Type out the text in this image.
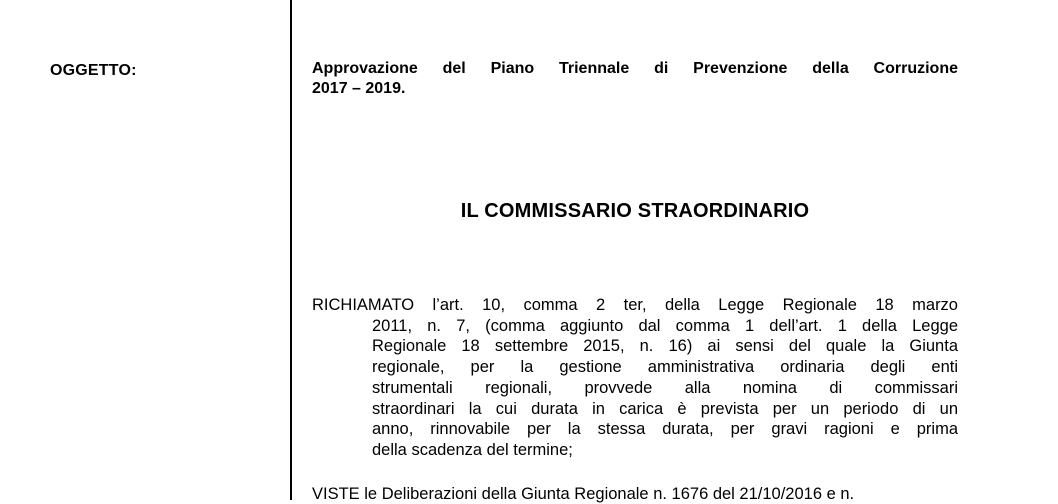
OGGETTO:	Approvazione del Piano Triennale di Prevenzione della Corruzione
2017 – 2019.
IL COMMISSARIO STRAORDINARIO
RICHIAMATO l’art. 10, comma 2 ter, della Legge Regionale 18 marzo
2011, n. 7, (comma aggiunto dal comma 1 dell’art. 1 della Legge
Regionale 18 settembre 2015, n. 16) ai sensi del quale la Giunta
regionale, per la gestione amministrativa ordinaria degli enti
strumentali regionali, provvede alla nomina di commissari
straordinari la cui durata in carica è prevista per un periodo di un
anno, rinnovabile per la stessa durata, per gravi ragioni e prima
della scadenza del termine;
VISTE le Deliberazioni della Giunta Regionale n. 1676 del 21/10/2016 e n.
